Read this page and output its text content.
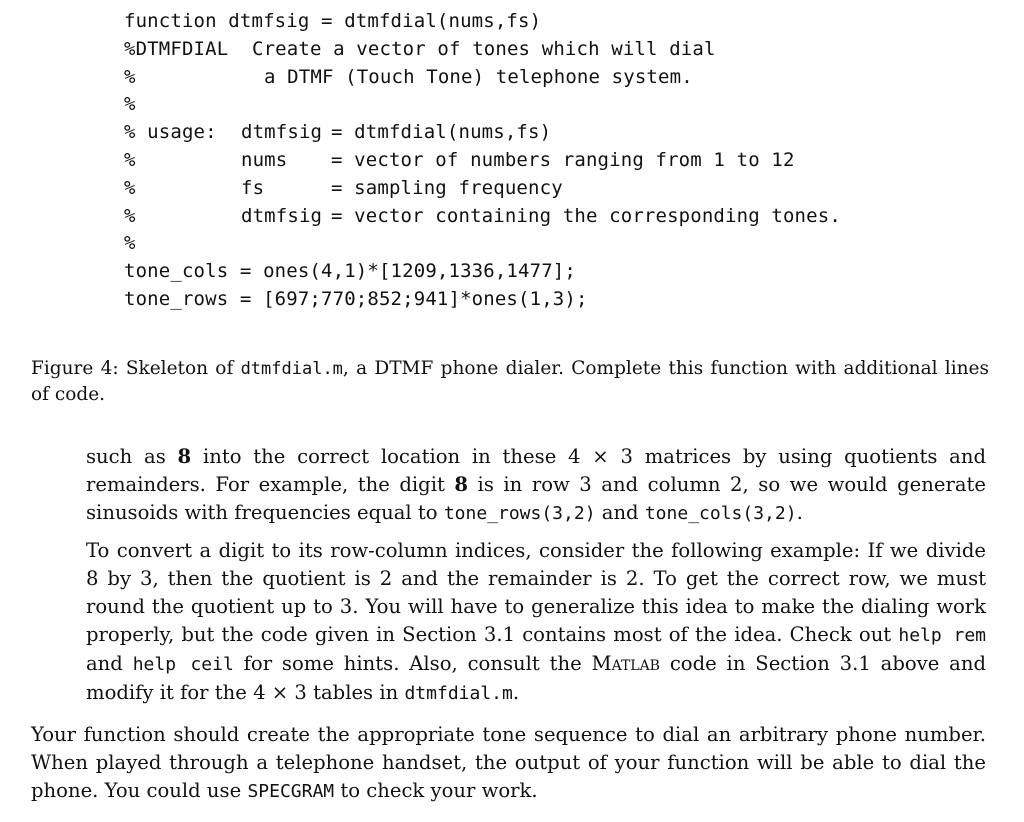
function dtmfsig = dtmfdial(nums,fs)

%DTMFDIAL

Create a vector of tones which will dial

%

	a DTMF (Touch Tone) telephone system.

%

% usage:

dtmfsig

= dtmfdial(nums,fs)

%

	nums

= vector of numbers ranging from 1 to 12

%

	fs

	= sampling frequency

%

	dtmfsig

= vector containing the corresponding tones.

%

tone_cols = ones(4,1)*[1209,1336,1477];

tone_rows = [697;770;852;941]*ones(1,3);

Figure 4: Skeleton of dtmfdial.m, a DTMF phone dialer. Complete this function with additional lines of code.
such as 8 into the correct location in these 4 × 3 matrices by using quotients and remainders. For example, the digit 8 is in row 3 and column 2, so we would generate sinusoids with frequencies equal to tone_rows(3,2) and tone_cols(3,2).
To convert a digit to its row-column indices, consider the following example: If we divide 8 by 3, then the quotient is 2 and the remainder is 2. To get the correct row, we must round the quotient up to 3. You will have to generalize this idea to make the dialing work properly, but the code given in Section 3.1 contains most of the idea. Check out help rem and help ceil for some hints. Also, consult the Matlab code in Section 3.1 above and modify it for the 4 × 3 tables in dtmfdial.m.
Your function should create the appropriate tone sequence to dial an arbitrary phone number. When played through a telephone handset, the output of your function will be able to dial the phone. You could use SPECGRAM to check your work.
